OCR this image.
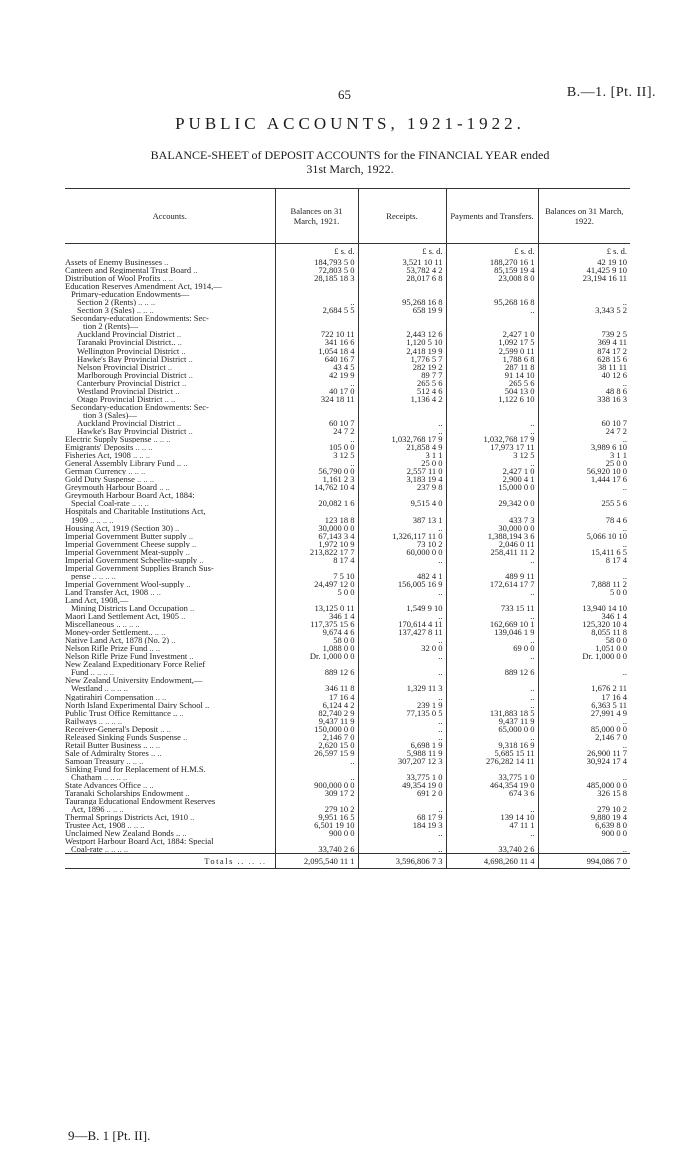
65	B.—1. [Pt. II].
PUBLIC ACCOUNTS, 1921-1922.
BALANCE-SHEET of DEPOSIT ACCOUNTS for the FINANCIAL YEAR ended
31st March, 1922.
Accounts.	Balances on 31 March, 1921.	Receipts.	Payments and Transfers.	Balances on 31 March, 1922.
	£ s. d.	£ s. d.	£ s. d.	£ s. d.
Assets of Enemy Businesses ..	184,793 5 0	3,521 10 11	188,270 16 1	42 19 10
Canteen and Regimental Trust Board ..	72,803 5 0	53,782 4 2	85,159 19 4	41,425 9 10
Distribution of Wool Profits .. ..	28,185 18 3	28,017 6 8	23,008 8 0	23,194 16 11
Education Reserves Amendment Act, 1914,—				
Primary-education Endowments—				
Section 2 (Rents) .. .. ..	..	95,268 16 8	95,268 16 8	..
Section 3 (Sales) .. .. ..	2,684 5 5	658 19 9	..	3,343 5 2
Secondary-education Endowments: Sec-				
tion 2 (Rents)—				
Auckland Provincial District ..	722 10 11	2,443 12 6	2,427 1 0	739 2 5
Taranaki Provincial District.. ..	341 16 6	1,120 5 10	1,092 17 5	369 4 11
Wellington Provincial District ..	1,054 18 4	2,418 19 9	2,599 0 11	874 17 2
Hawke's Bay Provincial District ..	640 16 7	1,776 5 7	1,788 6 8	628 15 6
Nelson Provincial District ..	43 4 5	282 19 2	287 11 8	38 11 11
Marlborough Provincial District ..	42 19 9	89 7 7	91 14 10	40 12 6
Canterbury Provincial District ..	..	265 5 6	265 5 6	..
Westland Provincial District ..	40 17 0	512 4 6	504 13 0	48 8 6
Otago Provincial District .. ..	324 18 11	1,136 4 2	1,122 6 10	338 16 3
Secondary-education Endowments: Sec-				
tion 3 (Sales)—				
Auckland Provincial District ..	60 10 7	..	..	60 10 7
Hawke's Bay Provincial District ..	24 7 2	..	..	24 7 2
Electric Supply Suspense .. .. ..	..	1,032,768 17 9	1,032,768 17 9	..
Emigrants' Deposits .. .. ..	105 0 0	21,858 4 9	17,973 17 11	3,989 6 10
Fisheries Act, 1908 .. .. ..	3 12 5	3 1 1	3 12 5	3 1 1
General Assembly Library Fund .. ..	..	25 0 0	..	25 0 0
German Currency .. .. ..	56,790 0 0	2,557 11 0	2,427 1 0	56,920 10 0
Gold Duty Suspense .. .. ..	1,161 2 3	3,183 19 4	2,900 4 1	1,444 17 6
Greymouth Harbour Board .. ..	14,762 10 4	237 9 8	15,000 0 0	..
Greymouth Harbour Board Act, 1884:				
Special Coal-rate .. .. ..	20,082 1 6	9,515 4 0	29,342 0 0	255 5 6
Hospitals and Charitable Institutions Act,				
1909 .. .. .. ..	123 18 8	387 13 1	433 7 3	78 4 6
Housing Act, 1919 (Section 30) ..	30,000 0 0	..	30,000 0 0	..
Imperial Government Butter supply ..	67,143 3 4	1,326,117 11 0	1,388,194 3 6	5,066 10 10
Imperial Government Cheese supply ..	1,972 10 9	73 10 2	2,046 0 11	..
Imperial Government Meat-supply ..	213,822 17 7	60,000 0 0	258,411 11 2	15,411 6 5
Imperial Government Scheelite-supply ..	8 17 4	..	..	8 17 4
Imperial Government Supplies Branch Sus-				
pense .. .. .. ..	7 5 10	482 4 1	489 9 11	..
Imperial Government Wool-supply ..	24,497 12 0	156,005 16 9	172,614 17 7	7,888 11 2
Land Transfer Act, 1908 .. ..	5 0 0	..	..	5 0 0
Land Act, 1908,—				
Mining Districts Land Occupation ..	13,125 0 11	1,549 9 10	733 15 11	13,940 14 10
Maori Land Settlement Act, 1905 ..	346 1 4	..	..	346 1 4
Miscellaneous .. .. .. ..	117,375 15 6	170,614 4 11	162,669 10 1	125,320 10 4
Money-order Settlement.. .. ..	9,674 4 6	137,427 8 11	139,046 1 9	8,055 11 8
Native Land Act, 1878 (No. 2) ..	58 0 0	..	..	58 0 0
Nelson Rifle Prize Fund .. ..	1,088 0 0	32 0 0	69 0 0	1,051 0 0
Nelson Rifle Prize Fund Investment ..	Dr. 1,000 0 0	..	..	Dr. 1,000 0 0
New Zealand Expeditionary Force Relief				
Fund .. .. .. ..	889 12 6	..	889 12 6	..
New Zealand University Endowment,—				
Westland .. .. .. ..	346 11 8	1,329 11 3	..	1,676 2 11
Ngatirahiri Compensation .. ..	17 16 4	..	..	17 16 4
North Island Experimental Dairy School ..	6,124 4 2	239 1 9	..	6,363 5 11
Public Trust Office Remittance .. ..	82,740 2 9	77,135 0 5	131,883 18 5	27,991 4 9
Railways .. .. .. ..	9,437 11 9	..	9,437 11 9	..
Receiver-General's Deposit .. ..	150,000 0 0	..	65,000 0 0	85,000 0 0
Released Sinking Funds Suspense ..	2,146 7 0	..	..	2,146 7 0
Retail Butter Business .. .. ..	2,620 15 0	6,698 1 9	9,318 16 9	..
Sale of Admiralty Stores .. ..	26,597 15 9	5,988 11 9	5,685 15 11	26,900 11 7
Samoan Treasury .. .. ..	..	307,207 12 3	276,282 14 11	30,924 17 4
Sinking Fund for Replacement of H.M.S.				
Chatham .. .. .. ..	..	33,775 1 0	33,775 1 0	..
State Advances Office .. ..	900,000 0 0	49,354 19 0	464,354 19 0	485,000 0 0
Taranaki Scholarships Endowment ..	309 17 2	691 2 0	674 3 6	326 15 8
Tauranga Educational Endowment Reserves				
Act, 1896 .. .. ..	279 10 2	..	..	279 10 2
Thermal Springs Districts Act, 1910 ..	9,951 16 5	68 17 9	139 14 10	9,880 19 4
Trustee Act, 1908 .. .. ..	6,501 19 10	184 19 3	47 11 1	6,639 8 0
Unclaimed New Zealand Bonds .. ..	900 0 0	..	..	900 0 0
Westport Harbour Board Act, 1884: Special				
Coal-rate .. .. .. ..	33,740 2 6	..	33,740 2 6	..
Totals .. .. ..	2,095,540 11 1	3,596,806 7 3	4,698,260 11 4	994,086 7 0
9—B. 1 [Pt. II].
